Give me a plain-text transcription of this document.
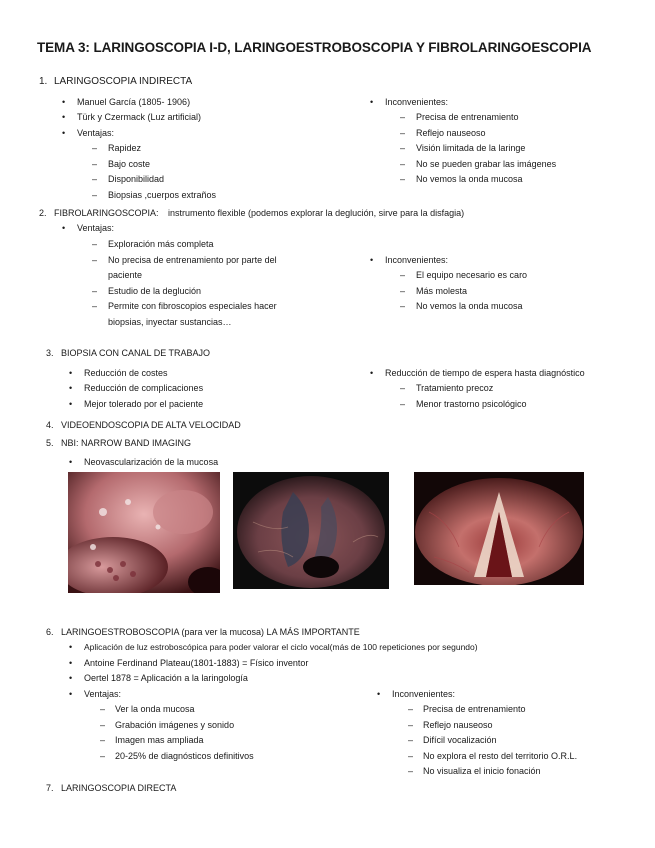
TEMA 3: LARINGOSCOPIA I-D, LARINGOESTROBOSCOPIA Y FIBROLARINGOESCOPIA
1. LARINGOSCOPIA INDIRECTA
• Manuel García (1805- 1906)
• Türk y Czermack (Luz artificial)
• Ventajas:
– Rapidez
– Bajo coste
– Disponibilidad
– Biopsias ,cuerpos extraños
• Inconvenientes:
– Precisa de entrenamiento
– Reflejo nauseoso
– Visión limitada de la laringe
– No se pueden grabar las imágenes
– No vemos la onda mucosa
2. FIBROLARINGOSCOPIA: instrumento flexible (podemos explorar la deglución, sirve para la disfagia)
• Ventajas:
– Exploración más completa
– No precisa de entrenamiento por parte del
paciente
– Estudio de la deglución
– Permite con fibroscopios especiales hacer
biopsias, inyectar sustancias…
• Inconvenientes:
– El equipo necesario es caro
– Más molesta
– No vemos la onda mucosa
3. BIOPSIA CON CANAL DE TRABAJO
• Reducción de costes
• Reducción de complicaciones
• Mejor tolerado por el paciente
• Reducción de tiempo de espera hasta diagnóstico
– Tratamiento precoz
– Menor trastorno psicológico
4. VIDEOENDOSCOPIA DE ALTA VELOCIDAD
5. NBI: NARROW BAND IMAGING
• Neovascularización de la mucosa
6. LARINGOESTROBOSCOPIA (para ver la mucosa) LA MÁS IMPORTANTE
• Aplicación de luz estroboscópica para poder valorar el ciclo vocal(más de 100 repeticiones por segundo)
• Antoine Ferdinand Plateau(1801-1883) = Físico inventor
• Oertel 1878 = Aplicación a la laringología
• Ventajas:
– Ver la onda mucosa
– Grabación imágenes y sonido
– Imagen mas ampliada
– 20-25% de diagnósticos definitivos
• Inconvenientes:
– Precisa de entrenamiento
– Reflejo nauseoso
– Difícil vocalización
– No explora el resto del territorio O.R.L.
– No visualiza el inicio fonación
7. LARINGOSCOPIA DIRECTA
